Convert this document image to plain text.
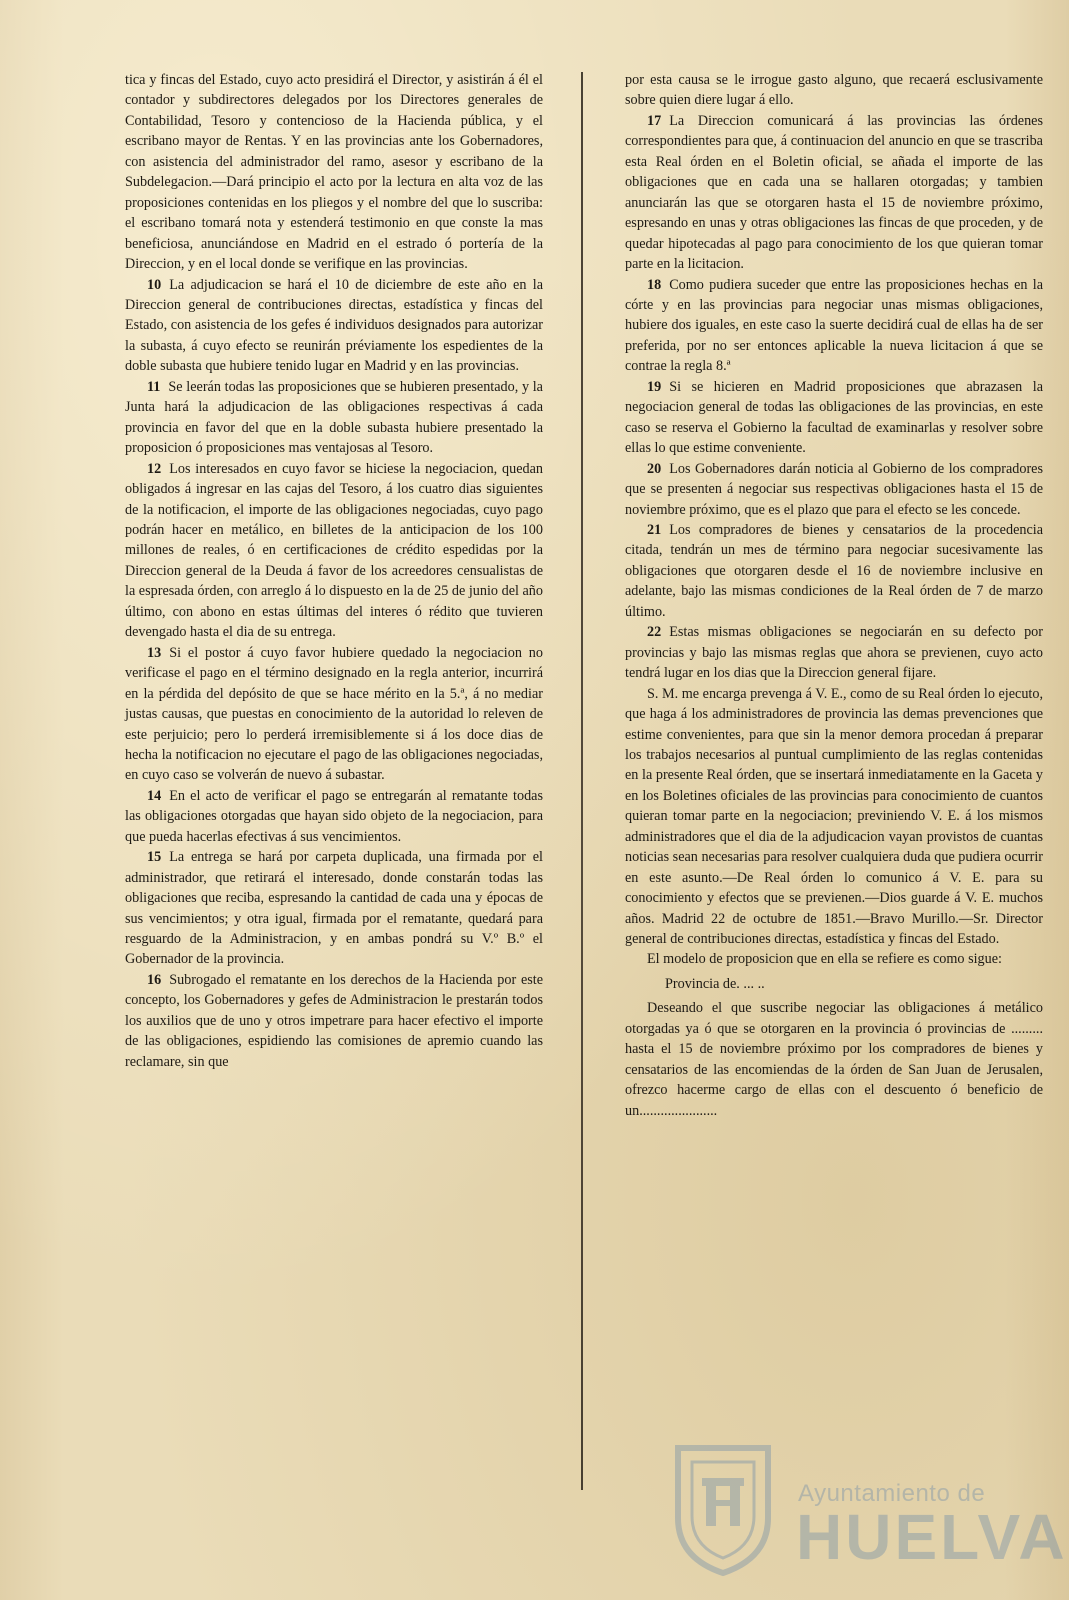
tica y fincas del Estado, cuyo acto presidirá el Director, y asistirán á él el contador y subdirectores delegados por los Directores generales de Contabilidad, Tesoro y contencioso de la Hacienda pública, y el escribano mayor de Rentas. Y en las provincias ante los Gobernadores, con asistencia del administrador del ramo, asesor y escribano de la Subdelegacion.—Dará principio el acto por la lectura en alta voz de las proposiciones contenidas en los pliegos y el nombre del que lo suscriba: el escribano tomará nota y estenderá testimonio en que conste la mas beneficiosa, anunciándose en Madrid en el estrado ó portería de la Direccion, y en el local donde se verifique en las provincias.

10 La adjudicacion se hará el 10 de diciembre de este año en la Direccion general de contribuciones directas, estadística y fincas del Estado, con asistencia de los gefes é individuos designados para autorizar la subasta, á cuyo efecto se reunirán préviamente los espedientes de la doble subasta que hubiere tenido lugar en Madrid y en las provincias.

11 Se leerán todas las proposiciones que se hubieren presentado, y la Junta hará la adjudicacion de las obligaciones respectivas á cada provincia en favor del que en la doble subasta hubiere presentado la proposicion ó proposiciones mas ventajosas al Tesoro.

12 Los interesados en cuyo favor se hiciese la negociacion, quedan obligados á ingresar en las cajas del Tesoro, á los cuatro dias siguientes de la notificacion, el importe de las obligaciones negociadas, cuyo pago podrán hacer en metálico, en billetes de la anticipacion de los 100 millones de reales, ó en certificaciones de crédito espedidas por la Direccion general de la Deuda á favor de los acreedores censualistas de la espresada órden, con arreglo á lo dispuesto en la de 25 de junio del año último, con abono en estas últimas del interes ó rédito que tuvieren devengado hasta el dia de su entrega.

13 Si el postor á cuyo favor hubiere quedado la negociacion no verificase el pago en el término designado en la regla anterior, incurrirá en la pérdida del depósito de que se hace mérito en la 5.ª, á no mediar justas causas, que puestas en conocimiento de la autoridad lo releven de este perjuicio; pero lo perderá irremisiblemente si á los doce dias de hecha la notificacion no ejecutare el pago de las obligaciones negociadas, en cuyo caso se volverán de nuevo á subastar.

14 En el acto de verificar el pago se entregarán al rematante todas las obligaciones otorgadas que hayan sido objeto de la negociacion, para que pueda hacerlas efectivas á sus vencimientos.

15 La entrega se hará por carpeta duplicada, una firmada por el administrador, que retirará el interesado, donde constarán todas las obligaciones que reciba, espresando la cantidad de cada una y épocas de sus vencimientos; y otra igual, firmada por el rematante, quedará para resguardo de la Administracion, y en ambas pondrá su V.º B.º el Gobernador de la provincia.

16 Subrogado el rematante en los derechos de la Hacienda por este concepto, los Gobernadores y gefes de Administracion le prestarán todos los auxilios que de uno y otros impetrare para hacer efectivo el importe de las obligaciones, espidiendo las comisiones de apremio cuando las reclamare, sin que

por esta causa se le irrogue gasto alguno, que recaerá esclusivamente sobre quien diere lugar á ello.

17 La Direccion comunicará á las provincias las órdenes correspondientes para que, á continuacion del anuncio en que se trascriba esta Real órden en el Boletin oficial, se añada el importe de las obligaciones que en cada una se hallaren otorgadas; y tambien anunciarán las que se otorgaren hasta el 15 de noviembre próximo, espresando en unas y otras obligaciones las fincas de que proceden, y de quedar hipotecadas al pago para conocimiento de los que quieran tomar parte en la licitacion.

18 Como pudiera suceder que entre las proposiciones hechas en la córte y en las provincias para negociar unas mismas obligaciones, hubiere dos iguales, en este caso la suerte decidirá cual de ellas ha de ser preferida, por no ser entonces aplicable la nueva licitacion á que se contrae la regla 8.ª

19 Si se hicieren en Madrid proposiciones que abrazasen la negociacion general de todas las obligaciones de las provincias, en este caso se reserva el Gobierno la facultad de examinarlas y resolver sobre ellas lo que estime conveniente.

20 Los Gobernadores darán noticia al Gobierno de los compradores que se presenten á negociar sus respectivas obligaciones hasta el 15 de noviembre próximo, que es el plazo que para el efecto se les concede.

21 Los compradores de bienes y censatarios de la procedencia citada, tendrán un mes de término para negociar sucesivamente las obligaciones que otorgaren desde el 16 de noviembre inclusive en adelante, bajo las mismas condiciones de la Real órden de 7 de marzo último.

22 Estas mismas obligaciones se negociarán en su defecto por provincias y bajo las mismas reglas que ahora se previenen, cuyo acto tendrá lugar en los dias que la Direccion general fijare.

S. M. me encarga prevenga á V. E., como de su Real órden lo ejecuto, que haga á los administradores de provincia las demas prevenciones que estime convenientes, para que sin la menor demora procedan á preparar los trabajos necesarios al puntual cumplimiento de las reglas contenidas en la presente Real órden, que se insertará inmediatamente en la Gaceta y en los Boletines oficiales de las provincias para conocimiento de cuantos quieran tomar parte en la negociacion; previniendo V. E. á los mismos administradores que el dia de la adjudicacion vayan provistos de cuantas noticias sean necesarias para resolver cualquiera duda que pudiera ocurrir en este asunto.—De Real órden lo comunico á V. E. para su conocimiento y efectos que se previenen.—Dios guarde á V. E. muchos años. Madrid 22 de octubre de 1851.—Bravo Murillo.—Sr. Director general de contribuciones directas, estadística y fincas del Estado.

El modelo de proposicion que en ella se refiere es como sigue:

Provincia de. ... ..

Deseando el que suscribe negociar las obligaciones á metálico otorgadas ya ó que se otorgaren en la provincia ó provincias de ......... hasta el 15 de noviembre próximo por los compradores de bienes y censatarios de las encomiendas de la órden de San Juan de Jerusalen, ofrezco hacerme cargo de ellas con el descuento ó beneficio de un......................

Ayuntamiento de
HUELVA
